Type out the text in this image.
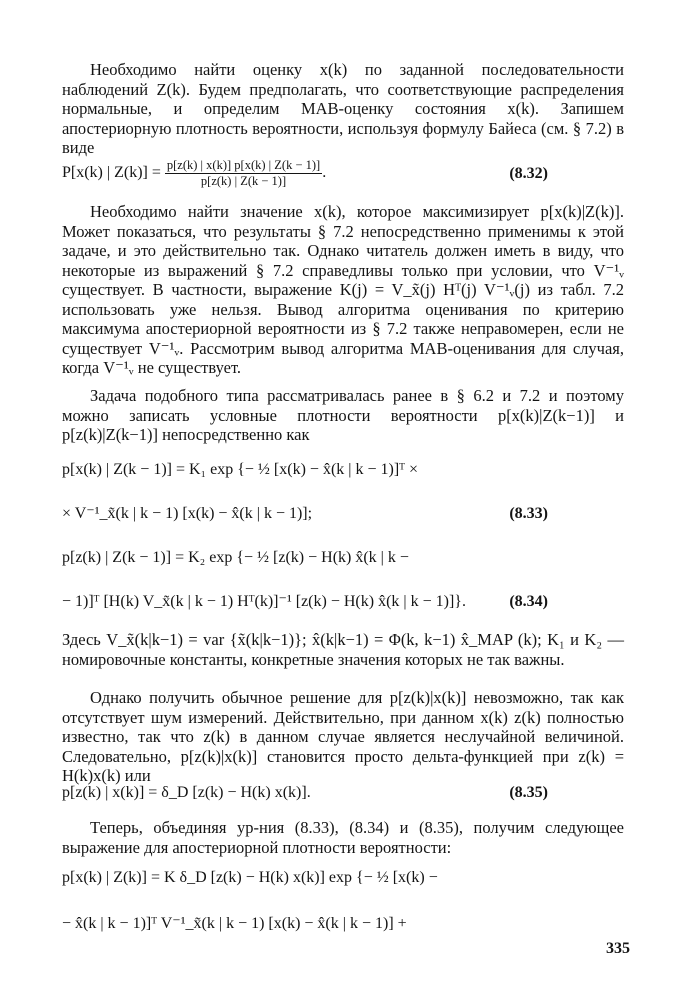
Необходимо найти оценку x(k) по заданной последовательности наблюдений Z(k). Будем предполагать, что соответствующие распределения нормальные, и определим MAB-оценку состояния x(k). Запишем апостериорную плотность вероятности, используя формулу Байеса (см. § 7.2) в виде

P[x(k) | $Z(k)] = \frac{p[z(k) | x(k)] p[x(k) | Z(k - 1)]}{p[z(k) | Z(k - 1)]}$ .	(8.32)

Необходимо найти значение x(k), которое максимизирует p[x(k)|Z(k)]. Может показаться, что результаты § 7.2 непосредственно применимы к этой задаче, и это действительно так. Однако читатель должен иметь в виду, что некоторые из выражений § 7.2 справедливы только при условии, что V⁻¹ᵥ существует. В частности, выражение K(j) = V_x̃(j) Hᵀ(j) V⁻¹ᵥ(j) из табл. 7.2 использовать уже нельзя. Вывод алгоритма оценивания по критерию максимума апостериорной вероятности из § 7.2 также неправомерен, если не существует V⁻¹ᵥ. Рассмотрим вывод алгоритма MAB-оценивания для случая, когда V⁻¹ᵥ не существует.

Задача подобного типа рассматривалась ранее в § 6.2 и 7.2 и поэтому можно записать условные плотности вероятности p[x(k)|Z(k−1)] и p[z(k)|Z(k−1)] непосредственно как

p[x(k) | Z(k − 1)] = K₁ exp {− ½ [x(k) − x̂(k | k − 1)]ᵀ ×
× V⁻¹_x̃(k | k − 1) [x(k) − x̂(k | k − 1)];	(8.33)
p[z(k) | Z(k − 1)] = K₂ exp {− ½ [z(k) − H(k) x̂(k | k −
− 1)]ᵀ [H(k) V_x̃(k | k − 1) Hᵀ(k)]⁻¹ [z(k) − H(k) x̂(k | k − 1)]}.	(8.34)

Здесь V_x̃(k|k−1) = var {x̃(k|k−1)}; x̂(k|k−1) = Φ(k, k−1) x̂_MAP (k); K₁ и K₂ — номировочные константы, конкретные значения которых не так важны.

Однако получить обычное решение для p[z(k)|x(k)] невозможно, так как отсутствует шум измерений. Действительно, при данном x(k) z(k) полностью известно, так что z(k) в данном случае является неслучайной величиной. Следовательно, p[z(k)|x(k)] становится просто дельта-функцией при z(k) = H(k)x(k) или

p[z(k) | x(k)] = δ_D [z(k) − H(k) x(k)].	(8.35)

Теперь, объединяя ур-ния (8.33), (8.34) и (8.35), получим следующее выражение для апостериорной плотности вероятности:

p[x(k) | Z(k)] = K δ_D [z(k) − H(k) x(k)] exp {− ½ [x(k) −
− x̂(k | k − 1)]ᵀ V⁻¹_x̃(k | k − 1) [x(k) − x̂(k | k − 1)] +
335
